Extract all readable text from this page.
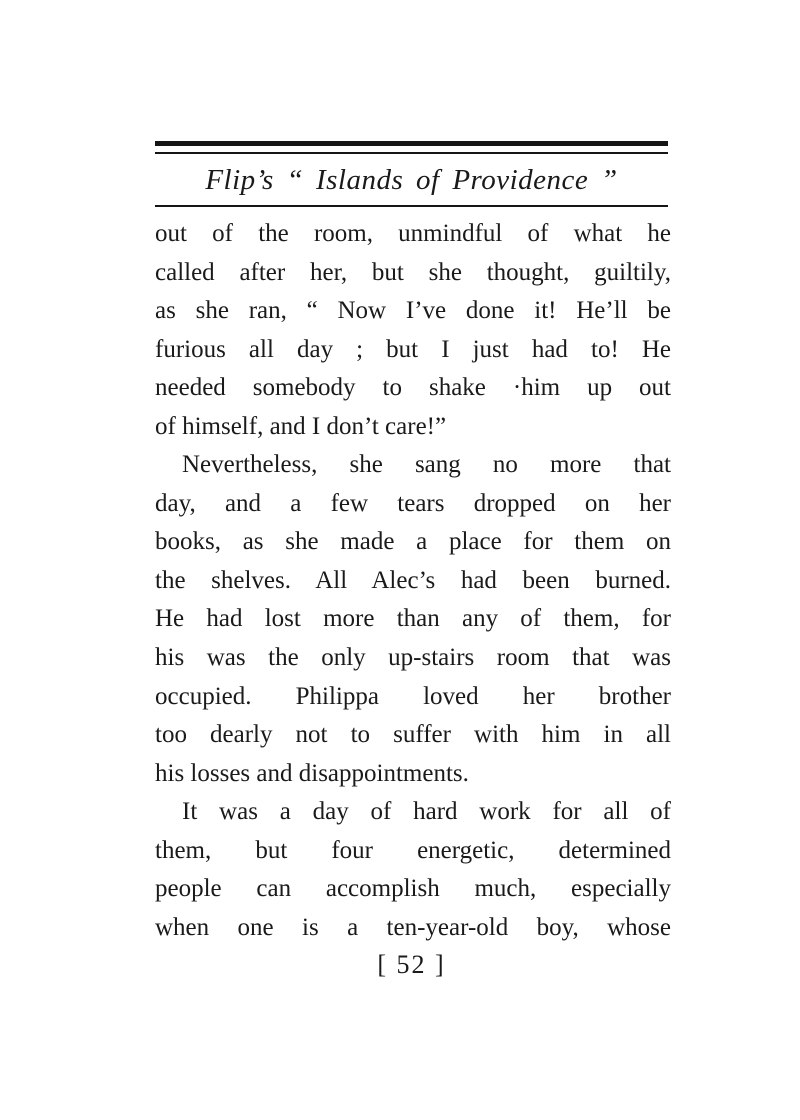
Flip’s “ Islands of Providence ”
out of the room, unmindful of what he
called after her, but she thought, guiltily,
as she ran, “ Now I’ve done it! He’ll be
furious all day ; but I just had to! He
needed somebody to shake ·him up out
of himself, and I don’t care!”
Nevertheless, she sang no more that
day, and a few tears dropped on her
books, as she made a place for them on
the shelves. All Alec’s had been burned.
He had lost more than any of them, for
his was the only up-stairs room that was
occupied. Philippa loved her brother
too dearly not to suffer with him in all
his losses and disappointments.
It was a day of hard work for all of
them, but four energetic, determined
people can accomplish much, especially
when one is a ten-year-old boy, whose
[ 52 ]
